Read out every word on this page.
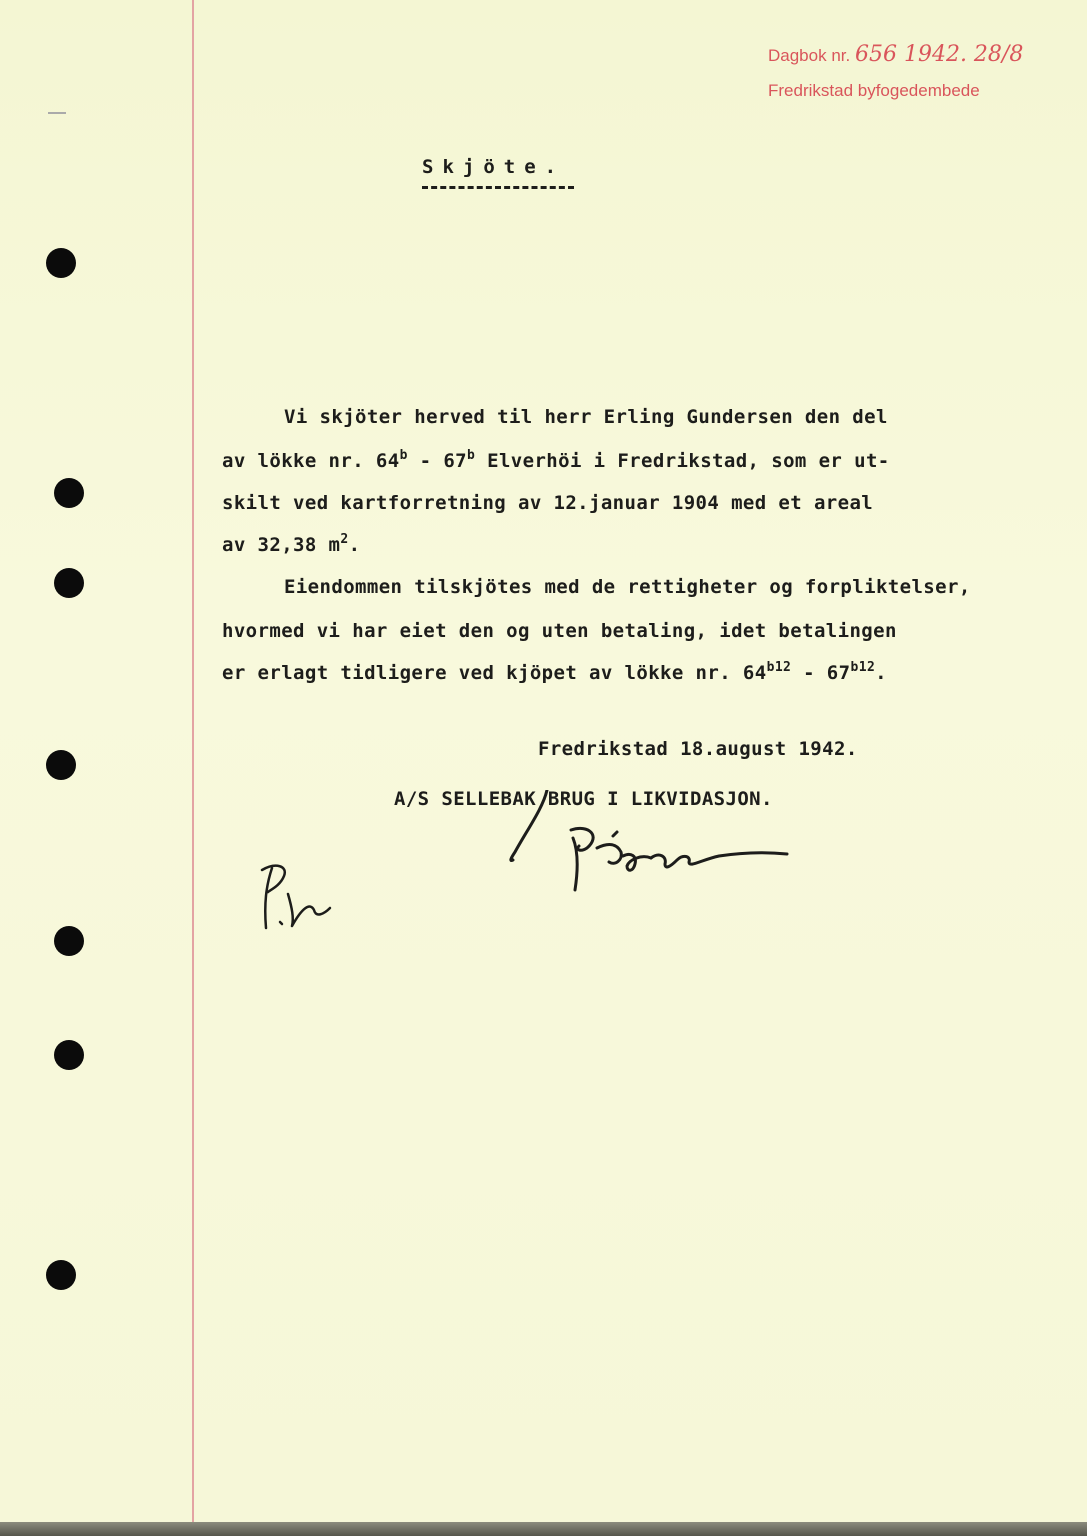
Dagbok nr. 656 1942. 28/8
Fredrikstad byfogedembede
Skjöte.
Vi skjöter herved til herr Erling Gundersen den del
av lökke nr. 64$^b$ - 67$^b$ Elverhöi i Fredrikstad, som er ut-
skilt ved kartforretning av 12.januar 1904 med et areal
av 32,38 $m^2$.
Eiendommen tilskjötes med de rettigheter og forpliktelser,
hvormed vi har eiet den og uten betaling, idet betalingen
er erlagt tidligere ved kjöpet av lökke nr. $64^{b12} - 67^{b12}$.
Fredrikstad 18.august 1942.
A/S SELLEBAK BRUG I LIKVIDASJON.
